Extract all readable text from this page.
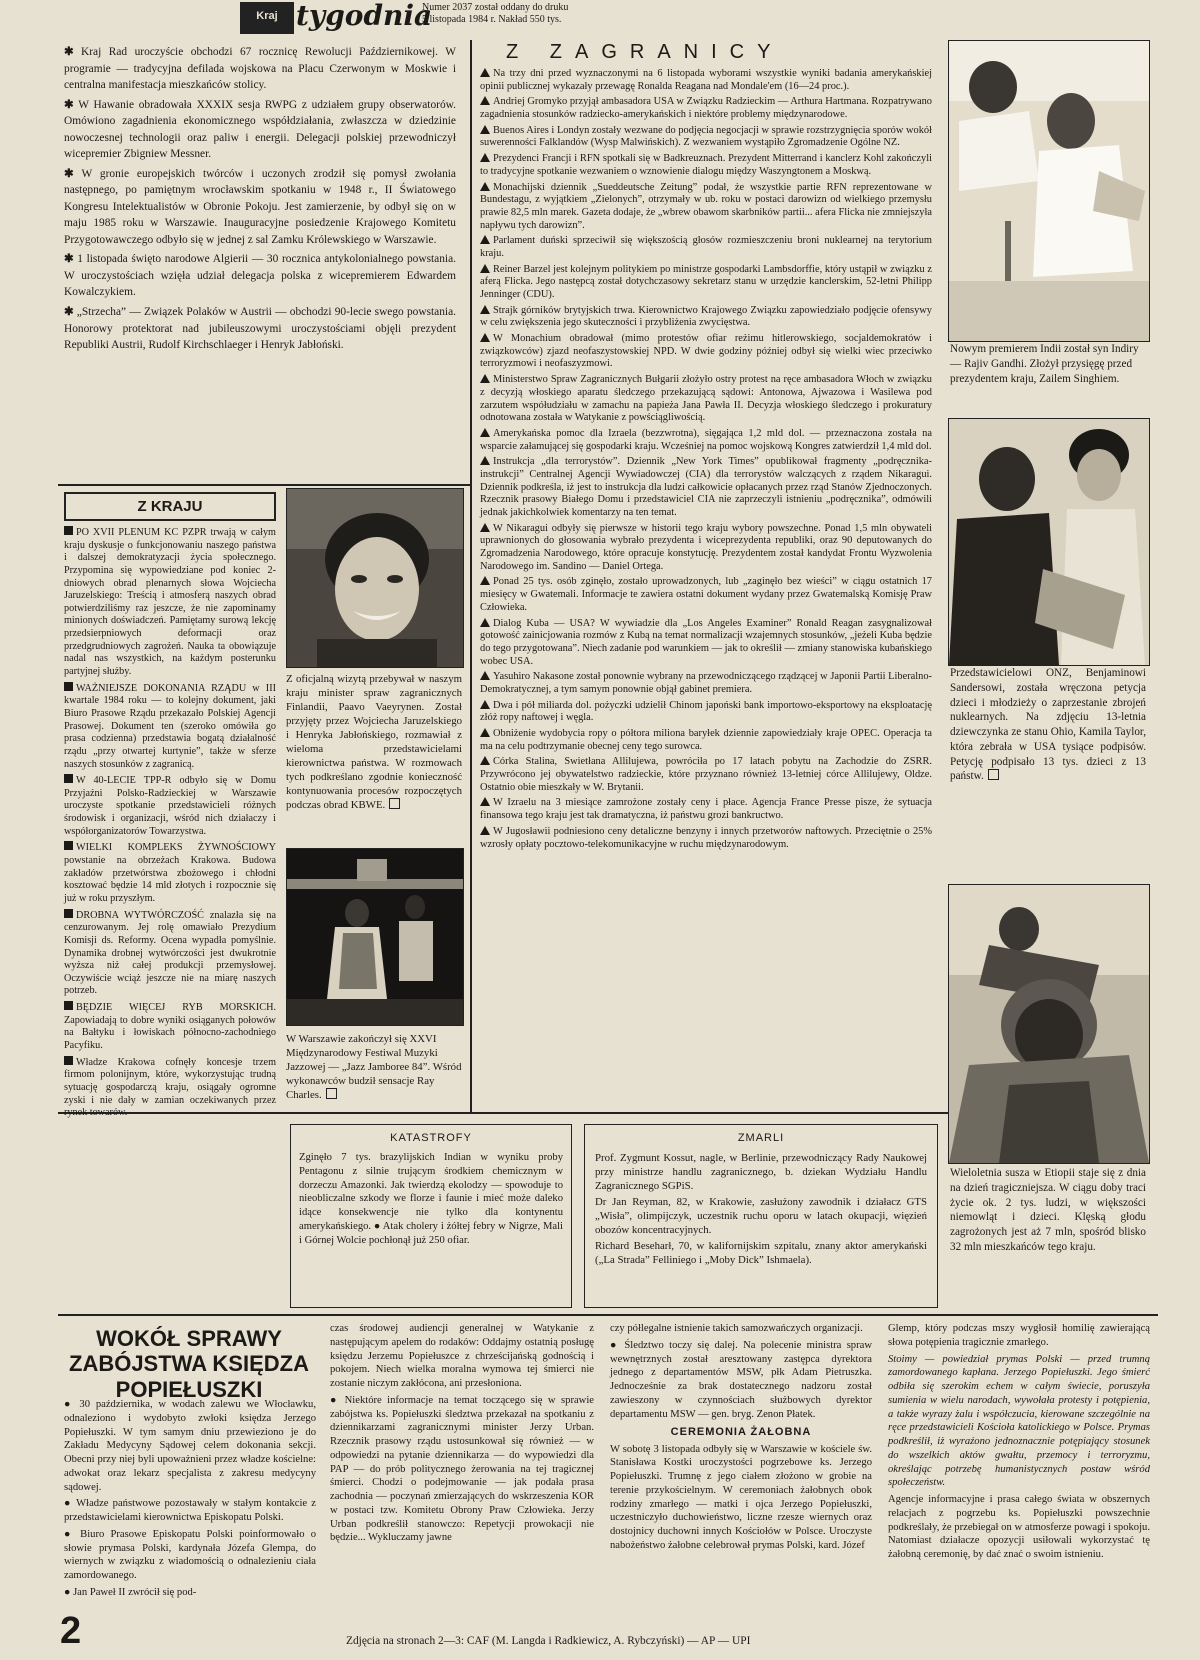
Kraj tygodnia
Numer 2037 został oddany do druku
5 listopada 1984 r. Nakład 550 tys.

✱ Kraj Rad uroczyście obchodzi 67 rocznicę Rewolucji Październikowej. W programie — tradycyjna defilada wojskowa na Placu Czerwonym w Moskwie i centralna manifestacja mieszkańców stolicy.

✱ W Hawanie obradowała XXXIX sesja RWPG z udziałem grupy obserwatorów. Omówiono zagadnienia ekonomicznego współdziałania, zwłaszcza w dziedzinie nowoczesnej technologii oraz paliw i energii. Delegacji polskiej przewodniczył wicepremier Zbigniew Messner.

✱ W gronie europejskich twórców i uczonych zrodził się pomysł zwołania następnego, po pamiętnym wrocławskim spotkaniu w 1948 r., II Światowego Kongresu Intelektualistów w Obronie Pokoju. Jest zamierzenie, by odbył się on w maju 1985 roku w Warszawie. Inauguracyjne posiedzenie Krajowego Komitetu Przygotowawczego odbyło się w jednej z sal Zamku Królewskiego w Warszawie.

✱ 1 listopada święto narodowe Algierii — 30 rocznica antykolonialnego powstania. W uroczystościach wzięła udział delegacja polska z wicepremierem Edwardem Kowalczykiem.

✱ „Strzecha” — Związek Polaków w Austrii — obchodzi 90-lecie swego powstania. Honorowy protektorat nad jubileuszowymi uroczystościami objęli prezydent Republiki Austrii, Rudolf Kirchschlaeger i Henryk Jabłoński.

Z KRAJU

PO XVII PLENUM KC PZPR trwają w całym kraju dyskusje o funkcjonowaniu naszego państwa i dalszej demokratyzacji życia społecznego. Przypomina się wypowiedziane pod koniec 2-dniowych obrad plenarnych słowa Wojciecha Jaruzelskiego: Treścią i atmosferą naszych obrad potwierdziliśmy raz jeszcze, że nie zapominamy minionych doświadczeń. Pamiętamy surową lekcję przedsierpniowych deformacji oraz przedgrudniowych zagrożeń. Nauka ta obowiązuje nadal nas wszystkich, na każdym posterunku partyjnej służby.

WAŻNIEJSZE DOKONANIA RZĄDU w III kwartale 1984 roku — to kolejny dokument, jaki Biuro Prasowe Rządu przekazało Polskiej Agencji Prasowej. Dokument ten (szeroko omówiła go prasa codzienna) przedstawia bogatą działalność rządu „przy otwartej kurtynie”, także w sferze naszych stosunków z zagranicą.

W 40-LECIE TPP-R odbyło się w Domu Przyjaźni Polsko-Radzieckiej w Warszawie uroczyste spotkanie przedstawicieli różnych środowisk i organizacji, wśród nich działaczy i współorganizatorów Towarzystwa.

WIELKI KOMPLEKS ŻYWNOŚCIOWY powstanie na obrzeżach Krakowa. Budowa zakładów przetwórstwa zbożowego i chłodni kosztować będzie 14 mld złotych i rozpocznie się już w roku przyszłym.

DROBNA WYTWÓRCZOŚĆ znalazła się na cenzurowanym. Jej rolę omawiało Prezydium Komisji ds. Reformy. Ocena wypadła pomyślnie. Dynamika drobnej wytwórczości jest dwukrotnie wyższa niż całej produkcji przemysłowej. Oczywiście wciąż jeszcze nie na miarę naszych potrzeb.

BĘDZIE WIĘCEJ RYB MORSKICH. Zapowiadają to dobre wyniki osiąganych połowów na Bałtyku i łowiskach północno-zachodniego Pacyfiku.

Władze Krakowa cofnęły koncesje trzem firmom polonijnym, które, wykorzystując trudną sytuację gospodarczą kraju, osiągały ogromne zyski i nie dały w zamian oczekiwanych przez rynek towarów.

Z oficjalną wizytą przebywał w naszym kraju minister spraw zagranicznych Finlandii, Paavo Vaeyrynen. Został przyjęty przez Wojciecha Jaruzelskiego i Henryka Jabłońskiego, rozmawiał z wieloma przedstawicielami kierownictwa państwa. W rozmowach tych podkreślano zgodnie konieczność kontynuowania procesów rozpoczętych podczas obrad KBWE.
W Warszawie zakończył się XXVI Międzynarodowy Festiwal Muzyki Jazzowej — „Jazz Jamboree 84”. Wśród wykonawców budził sensacje Ray Charles.
Z ZAGRANICY

Na trzy dni przed wyznaczonymi na 6 listopada wyborami wszystkie wyniki badania amerykańskiej opinii publicznej wykazały przewagę Ronalda Reagana nad Mondale'em (16—24 proc.).

Andriej Gromyko przyjął ambasadora USA w Związku Radzieckim — Arthura Hartmana. Rozpatrywano zagadnienia stosunków radziecko-amerykańskich i niektóre problemy międzynarodowe.

Buenos Aires i Londyn zostały wezwane do podjęcia negocjacji w sprawie rozstrzygnięcia sporów wokół suwerenności Falklandów (Wysp Malwińskich). Z wezwaniem wystąpiło Zgromadzenie Ogólne NZ.

Prezydenci Francji i RFN spotkali się w Badkreuznach. Prezydent Mitterrand i kanclerz Kohl zakończyli to tradycyjne spotkanie wezwaniem o wznowienie dialogu między Waszyngtonem a Moskwą.

Monachijski dziennik „Sueddeutsche Zeitung” podał, że wszystkie partie RFN reprezentowane w Bundestagu, z wyjątkiem „Zielonych”, otrzymały w ub. roku w postaci darowizn od wielkiego przemysłu prawie 82,5 mln marek. Gazeta dodaje, że „wbrew obawom skarbników partii... afera Flicka nie zmniejszyła napływu tych darowizn”.

Parlament duński sprzeciwił się większością głosów rozmieszczeniu broni nuklearnej na terytorium kraju.

Reiner Barzel jest kolejnym politykiem po ministrze gospodarki Lambsdorffie, który ustąpił w związku z aferą Flicka. Jego następcą został dotychczasowy sekretarz stanu w urzędzie kanclerskim, 52-letni Philipp Jenninger (CDU).

Strajk górników brytyjskich trwa. Kierownictwo Krajowego Związku zapowiedziało podjęcie ofensywy w celu zwiększenia jego skuteczności i przybliżenia zwycięstwa.

W Monachium obradował (mimo protestów ofiar reżimu hitlerowskiego, socjaldemokratów i związkowców) zjazd neofaszystowskiej NPD. W dwie godziny później odbył się wielki wiec przeciwko terroryzmowi i neofaszyzmowi.

Ministerstwo Spraw Zagranicznych Bułgarii złożyło ostry protest na ręce ambasadora Włoch w związku z decyzją włoskiego aparatu śledczego przekazującą sądowi: Antonowa, Ajwazowa i Wasilewa pod zarzutem współudziału w zamachu na papieża Jana Pawła II. Decyzja włoskiego śledczego i prokuratury odnotowana została w Watykanie z powściągliwością.

Amerykańska pomoc dla Izraela (bezzwrotna), sięgająca 1,2 mld dol. — przeznaczona została na wsparcie załamującej się gospodarki kraju. Wcześniej na pomoc wojskową Kongres zatwierdził 1,4 mld dol.

Instrukcja „dla terrorystów”. Dziennik „New York Times” opublikował fragmenty „podręcznika-instrukcji” Centralnej Agencji Wywiadowczej (CIA) dla terrorystów walczących z rządem Nikaragui. Dziennik podkreśla, iż jest to instrukcja dla ludzi całkowicie opłacanych przez rząd Stanów Zjednoczonych. Rzecznik prasowy Białego Domu i przedstawiciel CIA nie zaprzeczyli istnieniu „podręcznika”, odmówili jednak jakichkolwiek komentarzy na ten temat.

W Nikaragui odbyły się pierwsze w historii tego kraju wybory powszechne. Ponad 1,5 mln obywateli uprawnionych do głosowania wybrało prezydenta i wiceprezydenta republiki, oraz 90 deputowanych do Zgromadzenia Narodowego, które opracuje konstytucję. Prezydentem został kandydat Frontu Wyzwolenia Narodowego im. Sandino — Daniel Ortega.

Ponad 25 tys. osób zginęło, zostało uprowadzonych, lub „zaginęło bez wieści” w ciągu ostatnich 17 miesięcy w Gwatemali. Informacje te zawiera ostatni dokument wydany przez Gwatemalską Komisję Praw Człowieka.

Dialog Kuba — USA? W wywiadzie dla „Los Angeles Examiner” Ronald Reagan zasygnalizował gotowość zainicjowania rozmów z Kubą na temat normalizacji wzajemnych stosunków, „jeżeli Kuba będzie do tego przygotowana”. Niech zadanie pod warunkiem — jak to określił — zmiany stanowiska kubańskiego wobec USA.

Yasuhiro Nakasone został ponownie wybrany na przewodniczącego rządzącej w Japonii Partii Liberalno-Demokratycznej, a tym samym ponownie objął gabinet premiera.

Dwa i pół miliarda dol. pożyczki udzielił Chinom japoński bank importowo-eksportowy na eksploatację złóż ropy naftowej i węgla.

Obniżenie wydobycia ropy o półtora miliona baryłek dziennie zapowiedziały kraje OPEC. Operacja ta ma na celu podtrzymanie obecnej ceny tego surowca.

Córka Stalina, Swietłana Allilujewa, powróciła po 17 latach pobytu na Zachodzie do ZSRR. Przywrócono jej obywatelstwo radzieckie, które przyznano również 13-letniej córce Allilujewy, Oldze. Ostatnio obie mieszkały w W. Brytanii.

W Izraelu na 3 miesiące zamrożone zostały ceny i płace. Agencja France Presse pisze, że sytuacja finansowa tego kraju jest tak dramatyczna, iż państwu grozi bankructwo.

W Jugosławii podniesiono ceny detaliczne benzyny i innych przetworów naftowych. Przeciętnie o 25% wzrosły opłaty pocztowo-telekomunikacyjne w ruchu międzynarodowym.

Nowym premierem Indii został syn Indiry — Rajiv Gandhi. Złożył przysięgę przed prezydentem kraju, Zailem Singhiem.
Przedstawicielowi ONZ, Benjaminowi Sandersowi, została wręczona petycja dzieci i młodzieży o zaprzestanie zbrojeń nuklearnych. Na zdjęciu 13-letnia dziewczynka ze stanu Ohio, Kamila Taylor, która zebrała w USA tysiące podpisów. Petycję podpisało 13 tys. dzieci z 13 państw.
Wieloletnia susza w Etiopii staje się z dnia na dzień tragiczniejsza. W ciągu doby traci życie ok. 2 tys. ludzi, w większości niemowląt i dzieci. Klęską głodu zagrożonych jest aż 7 mln, spośród blisko 32 mln mieszkańców tego kraju.
KATASTROFY
Zginęło 7 tys. brazylijskich Indian w wyniku proby Pentagonu z silnie trującym środkiem chemicznym w dorzeczu Amazonki. Jak twierdzą ekolodzy — spowoduje to nieobliczalne szkody we florze i faunie i mieć może daleko idące konsekwencje nie tylko dla kontynentu amerykańskiego. ● Atak cholery i żółtej febry w Nigrze, Mali i Górnej Wolcie pochłonął już 250 ofiar.
ZMARLI

Prof. Zygmunt Kossut, nagle, w Berlinie, przewodniczący Rady Naukowej przy ministrze handlu zagranicznego, b. dziekan Wydziału Handlu Zagranicznego SGPiS.

Dr Jan Reyman, 82, w Krakowie, zasłużony zawodnik i działacz GTS „Wisła”, olimpijczyk, uczestnik ruchu oporu w latach okupacji, więzień obozów koncentracyjnych.

Richard Beseharł, 70, w kalifornijskim szpitalu, znany aktor amerykański („La Strada” Felliniego i „Moby Dick” Ishmaela).

WOKÓŁ SPRAWY ZABÓJSTWA KSIĘDZA POPIEŁUSZKI

● 30 października, w wodach zalewu we Włocławku, odnaleziono i wydobyto zwłoki księdza Jerzego Popiełuszki. W tym samym dniu przewieziono je do Zakładu Medycyny Sądowej celem dokonania sekcji. Obecni przy niej byli upoważnieni przez władze kościelne: adwokat oraz lekarz specjalista z zakresu medycyny sądowej.

● Władze państwowe pozostawały w stałym kontakcie z przedstawicielami kierownictwa Episkopatu Polski.

● Biuro Prasowe Episkopatu Polski poinformowało o słowie prymasa Polski, kardynała Józefa Glempa, do wiernych w związku z wiadomością o odnalezieniu ciała zamordowanego.

● Jan Paweł II zwrócił się pod-

czas środowej audiencji generalnej w Watykanie z następującym apelem do rodaków: Oddajmy ostatnią posługę księdzu Jerzemu Popiełuszce z chrześcijańską godnością i pokojem. Niech wielka moralna wymowa tej śmierci nie zostanie niczym zakłócona, ani przesłoniona.

● Niektóre informacje na temat toczącego się w sprawie zabójstwa ks. Popiełuszki śledztwa przekazał na spotkaniu z dziennikarzami zagranicznymi minister Jerzy Urban. Rzecznik prasowy rządu ustosunkował się również — w odpowiedzi na pytanie dziennikarza — do wypowiedzi dla PAP — do prób politycznego żerowania na tej tragicznej śmierci. Chodzi o podejmowanie — jak podała prasa zachodnia — poczynań zmierzających do wskrzeszenia KOR w postaci tzw. Komitetu Obrony Praw Człowieka. Jerzy Urban podkreślił stanowczo: Repetycji prowokacji nie będzie... Wykluczamy jawne

czy półlegalne istnienie takich samozwańczych organizacji.

● Śledztwo toczy się dalej. Na polecenie ministra spraw wewnętrznych został aresztowany zastępca dyrektora jednego z departamentów MSW, płk Adam Pietruszka. Jednocześnie za brak dostatecznego nadzoru został zawieszony w czynnościach służbowych dyrektor departamentu MSW — gen. bryg. Zenon Płatek.

CEREMONIA ŻAŁOBNA

W sobotę 3 listopada odbyły się w Warszawie w kościele św. Stanisława Kostki uroczystości pogrzebowe ks. Jerzego Popiełuszki. Trumnę z jego ciałem złożono w grobie na terenie przykościelnym. W ceremoniach żałobnych obok rodziny zmarłego — matki i ojca Jerzego Popiełuszki, uczestniczyło duchowieństwo, liczne rzesze wiernych oraz dostojnicy duchowni innych Kościołów w Polsce. Uroczyste nabożeństwo żałobne celebrował prymas Polski, kard. Józef

Glemp, który podczas mszy wygłosił homilię zawierającą słowa potępienia tragicznie zmarłego.

Stoimy — powiedział prymas Polski — przed trumną zamordowanego kapłana. Jerzego Popiełuszki. Jego śmierć odbiła się szerokim echem w całym świecie, poruszyła sumienia w wielu narodach, wywołała protesty i potępienia, a także wyrazy żalu i współczucia, kierowane szczególnie na ręce przedstawicieli Kościoła katolickiego w Polsce. Prymas podkreślił, iż wyraźono jednoznacznie potępiający stosunek do wszelkich aktów gwałtu, przemocy i terroryzmu, określając potrzebę humanistycznych postaw wśród społeczeństw.

Agencje informacyjne i prasa całego świata w obszernych relacjach z pogrzebu ks. Popiełuszki powszechnie podkreślały, że przebiegał on w atmosferze powagi i spokoju. Natomiast działacze opozycji usiłowali wykorzystać tę żałobną ceremonię, by dać znać o swoim istnieniu.

2	Zdjęcia na stronach 2—3: CAF (M. Langda i Radkiewicz, A. Rybczyński) — AP — UPI
